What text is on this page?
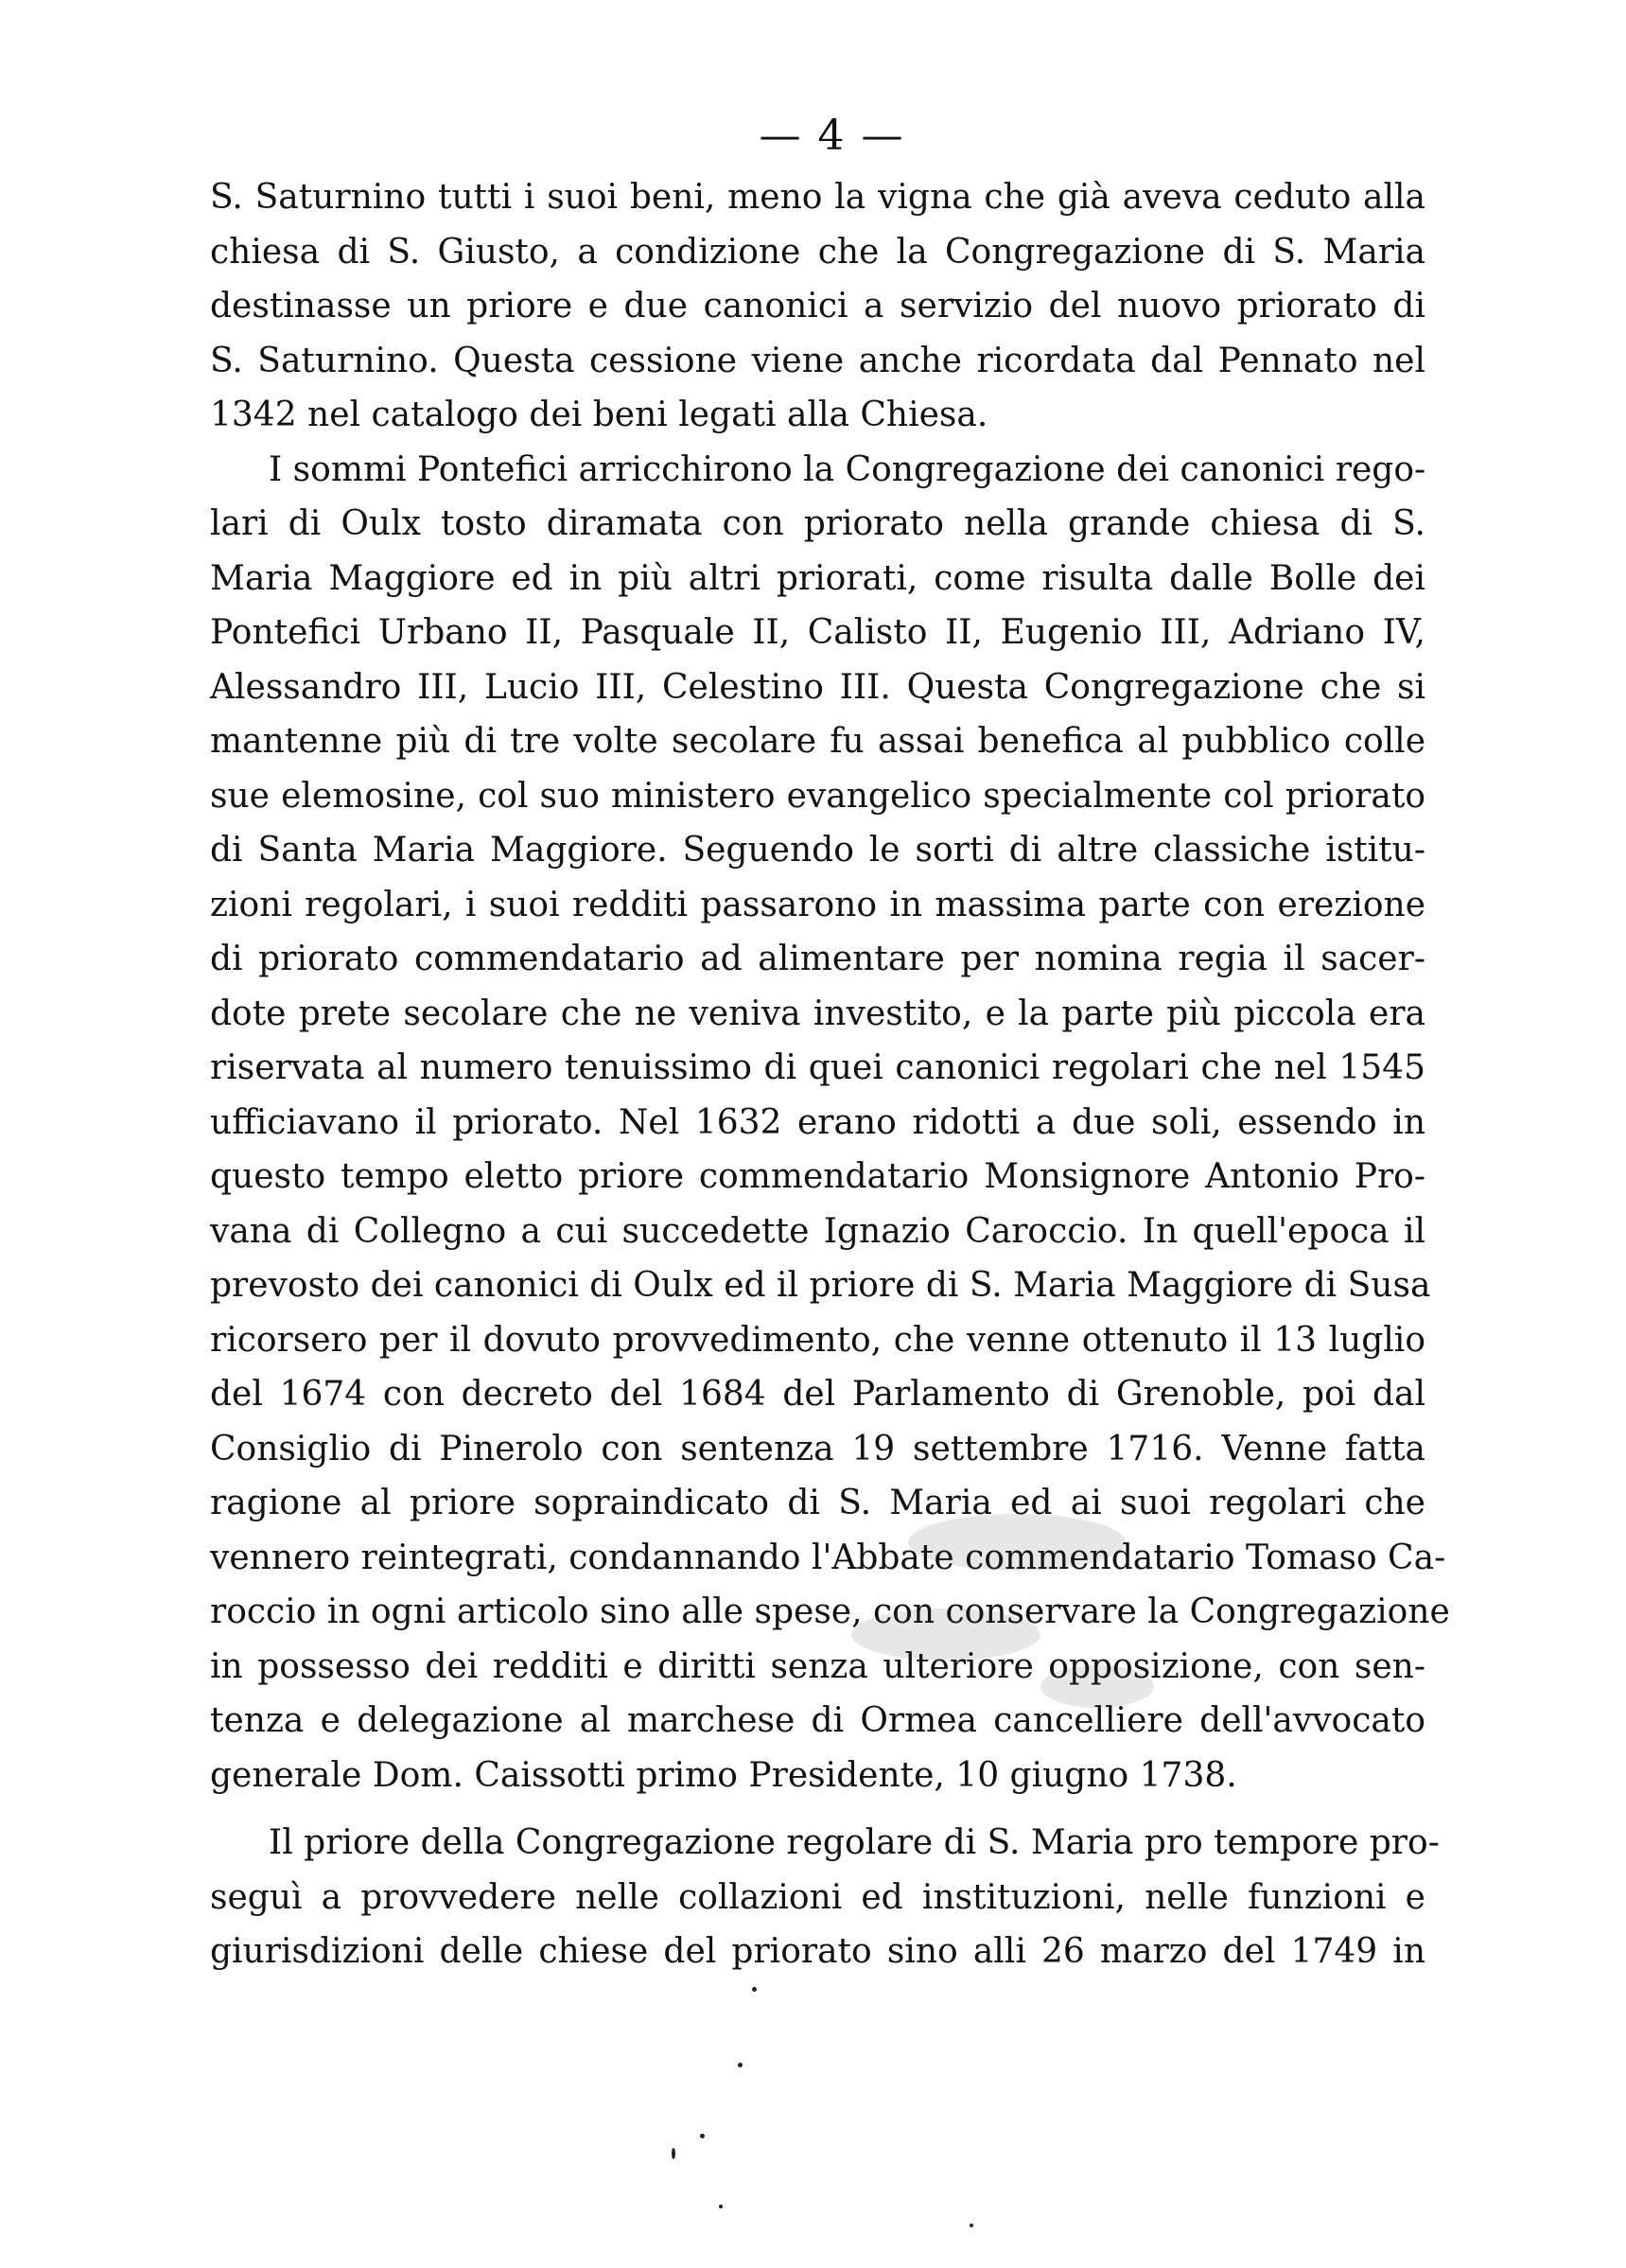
— 4 —
S. Saturnino tutti i suoi beni, meno la vigna che già aveva ceduto alla
chiesa di S. Giusto, a condizione che la Congregazione di S. Maria
destinasse un priore e due canonici a servizio del nuovo priorato di
S. Saturnino. Questa cessione viene anche ricordata dal Pennato nel
1342 nel catalogo dei beni legati alla Chiesa.
I sommi Pontefici arricchirono la Congregazione dei canonici rego-
lari di Oulx tosto diramata con priorato nella grande chiesa di S.
Maria Maggiore ed in più altri priorati, come risulta dalle Bolle dei
Pontefici Urbano II, Pasquale II, Calisto II, Eugenio III, Adriano IV,
Alessandro III, Lucio III, Celestino III. Questa Congregazione che si
mantenne più di tre volte secolare fu assai benefica al pubblico colle
sue elemosine, col suo ministero evangelico specialmente col priorato
di Santa Maria Maggiore. Seguendo le sorti di altre classiche istitu-
zioni regolari, i suoi redditi passarono in massima parte con erezione
di priorato commendatario ad alimentare per nomina regia il sacer-
dote prete secolare che ne veniva investito, e la parte più piccola era
riservata al numero tenuissimo di quei canonici regolari che nel 1545
ufficiavano il priorato. Nel 1632 erano ridotti a due soli, essendo in
questo tempo eletto priore commendatario Monsignore Antonio Pro-
vana di Collegno a cui succedette Ignazio Caroccio. In quell'epoca il
prevosto dei canonici di Oulx ed il priore di S. Maria Maggiore di Susa
ricorsero per il dovuto provvedimento, che venne ottenuto il 13 luglio
del 1674 con decreto del 1684 del Parlamento di Grenoble, poi dal
Consiglio di Pinerolo con sentenza 19 settembre 1716. Venne fatta
ragione al priore sopraindicato di S. Maria ed ai suoi regolari che
vennero reintegrati, condannando l'Abbate commendatario Tomaso Ca-
roccio in ogni articolo sino alle spese, con conservare la Congregazione
in possesso dei redditi e diritti senza ulteriore opposizione, con sen-
tenza e delegazione al marchese di Ormea cancelliere dell'avvocato
generale Dom. Caissotti primo Presidente, 10 giugno 1738.
Il priore della Congregazione regolare di S. Maria pro tempore pro-
seguì a provvedere nelle collazioni ed instituzioni, nelle funzioni e
giurisdizioni delle chiese del priorato sino alli 26 marzo del 1749 in
